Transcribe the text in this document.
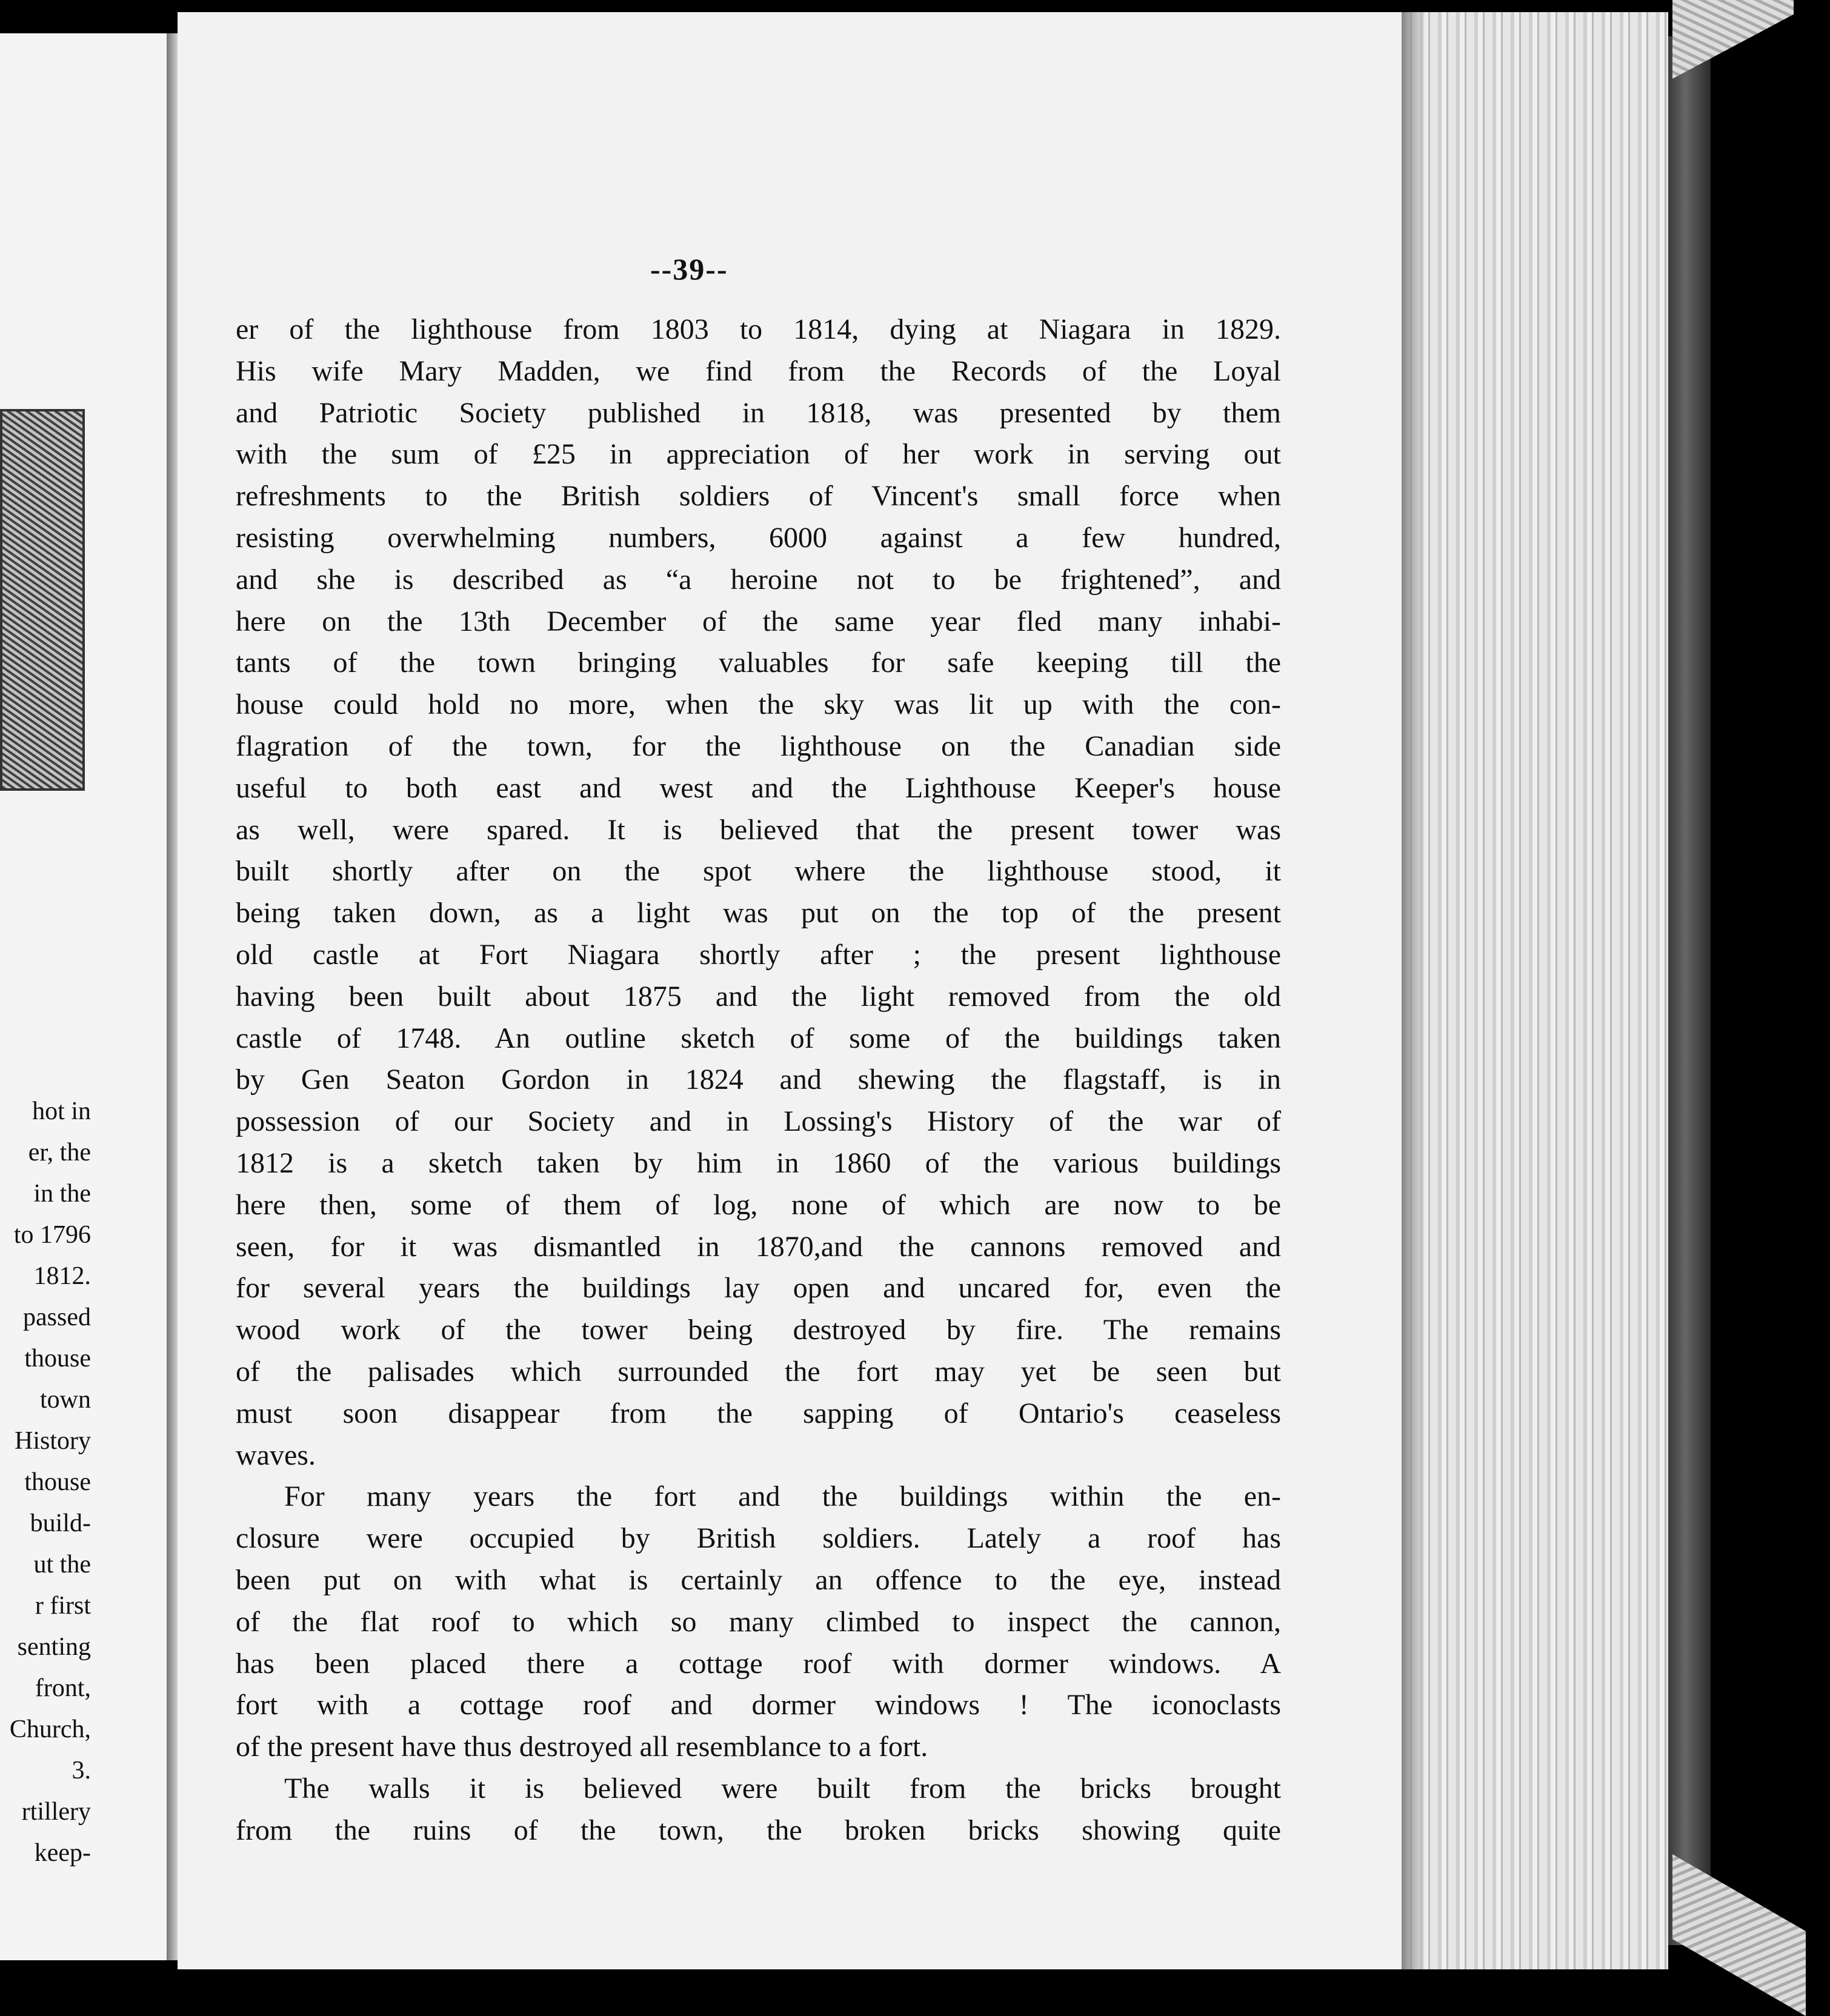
hot in
er, the
in the
to 1796
1812.
passed
thouse
town
History
thouse
build-
ut the
r first
senting
front,
Church,
3.
rtillery
keep-
--39--
er of the lighthouse from 1803 to 1814, dying at Niagara in 1829.
His wife Mary Madden, we find from the Records of the Loyal
and Patriotic Society published in 1818, was presented by them
with the sum of £25 in appreciation of her work in serving out
refreshments to the British soldiers of Vincent's small force when
resisting overwhelming numbers, 6000 against a few hundred,
and she is described as “a heroine not to be frightened”, and
here on the 13th December of the same year fled many inhabi-
tants of the town bringing valuables for safe keeping till the
house could hold no more, when the sky was lit up with the con-
flagration of the town, for the lighthouse on the Canadian side
useful to both east and west and the Lighthouse Keeper's house
as well, were spared. It is believed that the present tower was
built shortly after on the spot where the lighthouse stood, it
being taken down, as a light was put on the top of the present
old castle at Fort Niagara shortly after ; the present lighthouse
having been built about 1875 and the light removed from the old
castle of 1748. An outline sketch of some of the buildings taken
by Gen Seaton Gordon in 1824 and shewing the flagstaff, is in
possession of our Society and in Lossing's History of the war of
1812 is a sketch taken by him in 1860 of the various buildings
here then, some of them of log, none of which are now to be
seen, for it was dismantled in 1870,and the cannons removed and
for several years the buildings lay open and uncared for, even the
wood work of the tower being destroyed by fire. The remains
of the palisades which surrounded the fort may yet be seen but
must soon disappear from the sapping of Ontario's ceaseless
waves.
For many years the fort and the buildings within the en-
closure were occupied by British soldiers. Lately a roof has
been put on with what is certainly an offence to the eye, instead
of the flat roof to which so many climbed to inspect the cannon,
has been placed there a cottage roof with dormer windows. A
fort with a cottage roof and dormer windows ! The iconoclasts
of the present have thus destroyed all resemblance to a fort.
The walls it is believed were built from the bricks brought
from the ruins of the town, the broken bricks showing quite
